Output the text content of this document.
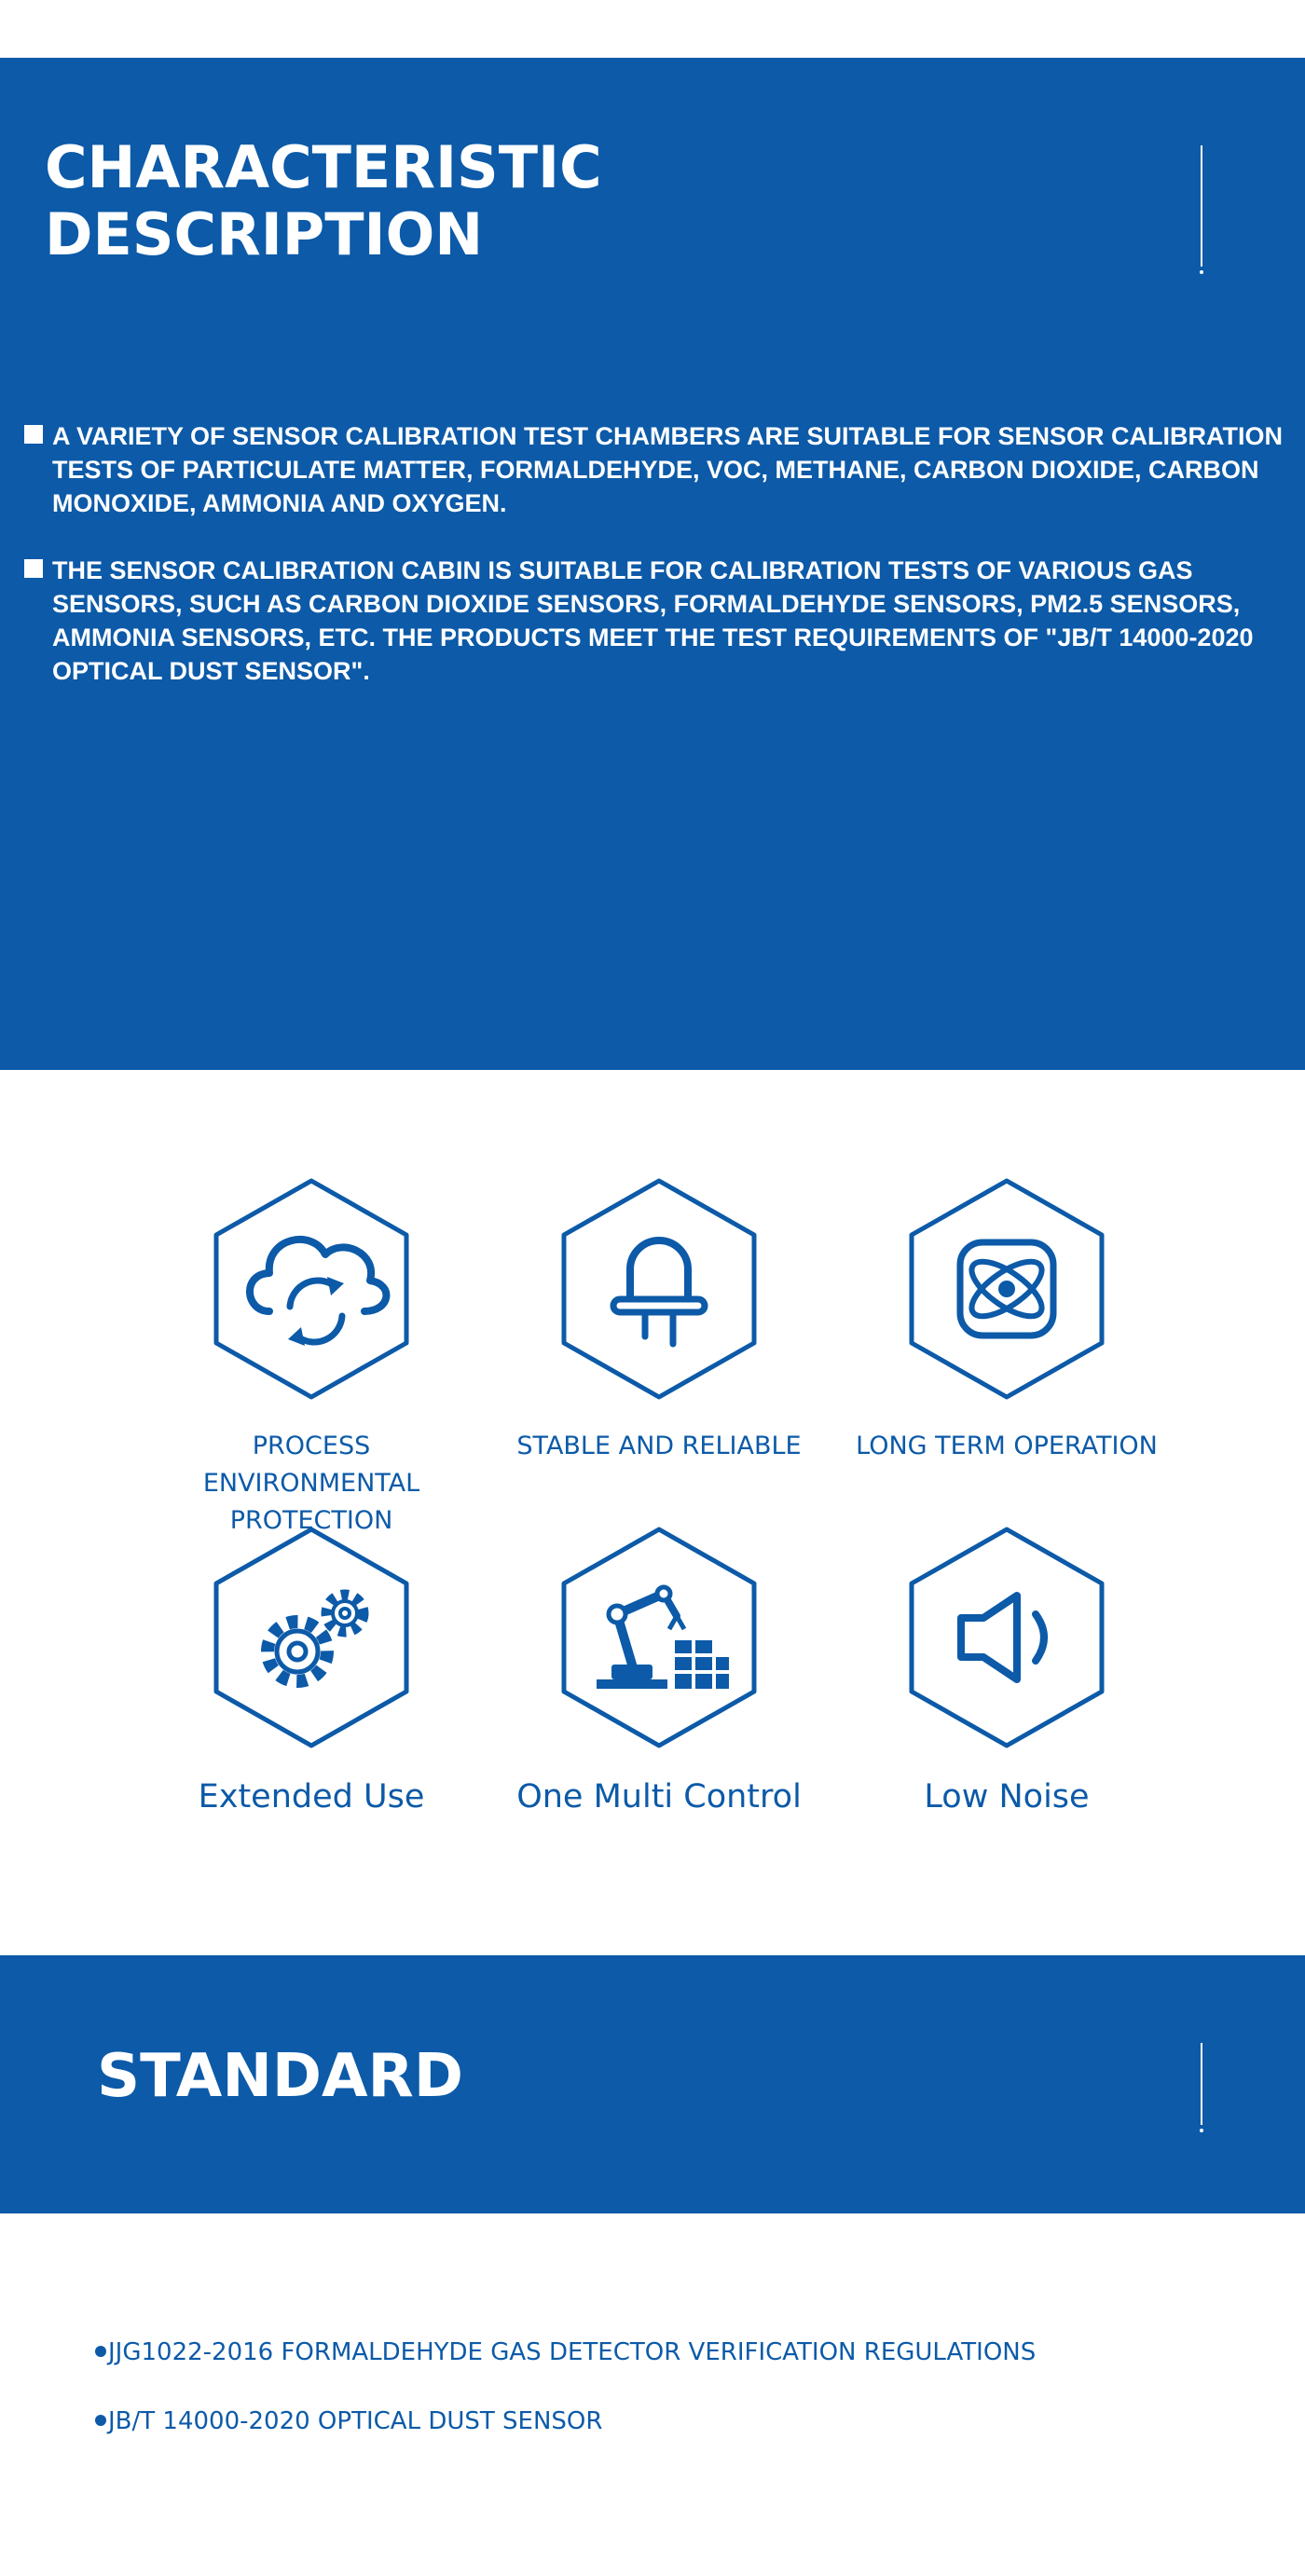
CHARACTERISTIC
DESCRIPTION

A VARIETY OF SENSOR CALIBRATION TEST CHAMBERS ARE SUITABLE FOR SENSOR CALIBRATION TESTS OF PARTICULATE MATTER, FORMALDEHYDE, VOC, METHANE, CARBON DIOXIDE, CARBON MONOXIDE, AMMONIA AND OXYGEN.

THE SENSOR CALIBRATION CABIN IS SUITABLE FOR CALIBRATION TESTS OF VARIOUS GAS SENSORS, SUCH AS CARBON DIOXIDE SENSORS, FORMALDEHYDE SENSORS, PM2.5 SENSORS, AMMONIA SENSORS, ETC. THE PRODUCTS MEET THE TEST REQUIREMENTS OF "JB/T 14000-2020 OPTICAL DUST SENSOR".

PROCESS ENVIRONMENTAL PROTECTION
STABLE AND RELIABLE	LONG TERM OPERATION
Extended Use	One Multi Control	Low Noise
STANDARD

JJG1022-2016 FORMALDEHYDE GAS DETECTOR VERIFICATION REGULATIONS

JB/T 14000-2020 OPTICAL DUST SENSOR
